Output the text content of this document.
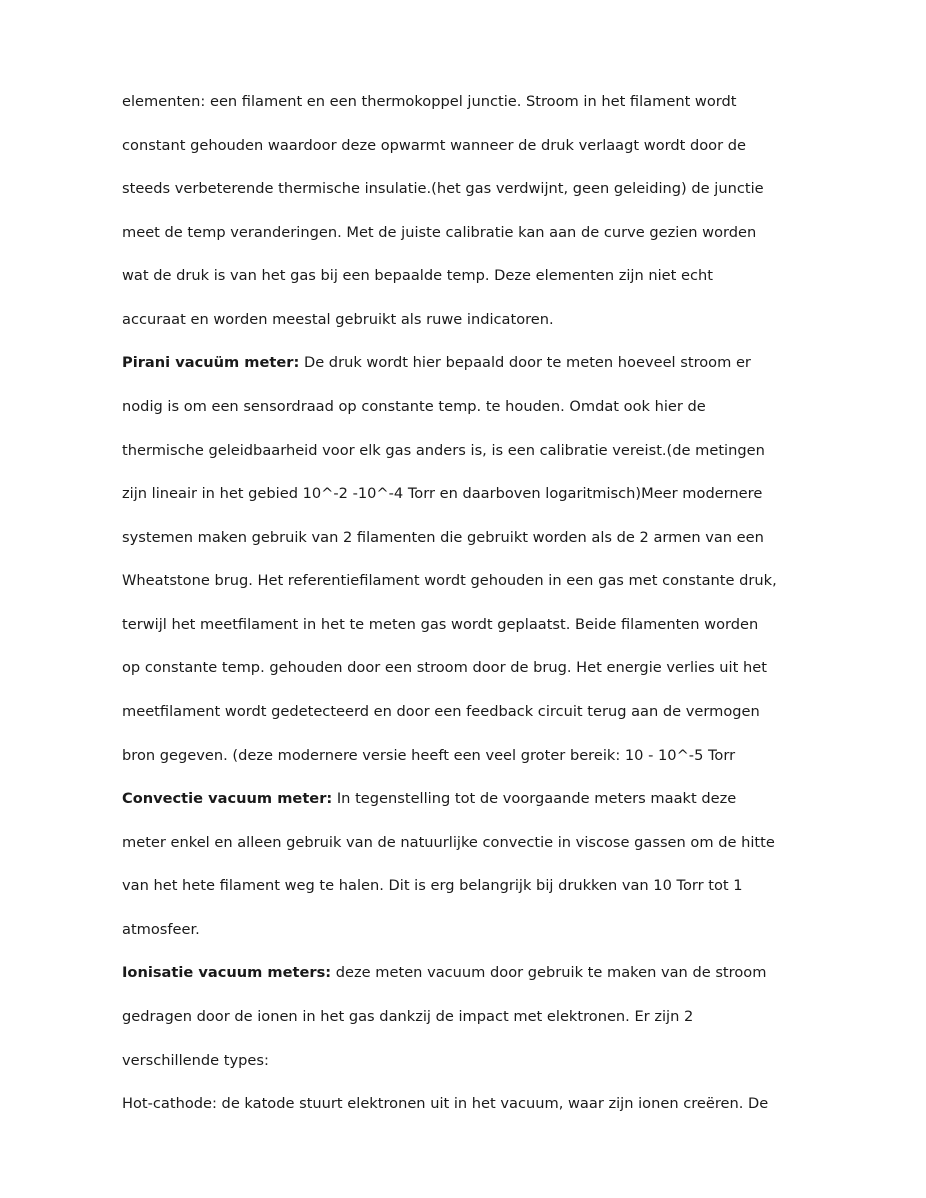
elementen: een filament en een thermokoppel junctie. Stroom in het filament wordt

constant gehouden waardoor deze opwarmt wanneer de druk verlaagt wordt door de

steeds verbeterende thermische insulatie.(het gas verdwijnt, geen geleiding) de junctie

meet de temp veranderingen. Met de juiste calibratie kan aan de curve gezien worden

wat de druk is van het gas bij een bepaalde temp. Deze elementen zijn niet echt

accuraat en worden meestal gebruikt als ruwe indicatoren.

Pirani vacuüm meter: De druk wordt hier bepaald door te meten hoeveel stroom er

nodig is om een sensordraad op constante temp. te houden. Omdat ook hier de

thermische geleidbaarheid voor elk gas anders is, is een calibratie vereist.(de metingen

zijn lineair in het gebied 10^-2 -10^-4 Torr en daarboven logaritmisch)Meer modernere

systemen maken gebruik van 2 filamenten die gebruikt worden als de 2 armen van een

Wheatstone brug. Het referentiefilament wordt gehouden in een gas met constante druk,

terwijl het meetfilament in het te meten gas wordt geplaatst. Beide filamenten worden

op constante temp. gehouden door een stroom door de brug. Het energie verlies uit het

meetfilament wordt gedetecteerd en door een feedback circuit terug aan de vermogen

bron gegeven. (deze modernere versie heeft een veel groter bereik: 10 - 10^-5 Torr

Convectie vacuum meter: In tegenstelling tot de voorgaande meters maakt deze

meter enkel en alleen gebruik van de natuurlijke convectie in viscose gassen om de hitte

van het hete filament weg te halen. Dit is erg belangrijk bij drukken van 10 Torr tot 1

atmosfeer.

Ionisatie vacuum meters: deze meten vacuum door gebruik te maken van de stroom

gedragen door de ionen in het gas dankzij de impact met elektronen. Er zijn 2

verschillende types:

Hot-cathode: de katode stuurt elektronen uit in het vacuum, waar zijn ionen creëren. De
